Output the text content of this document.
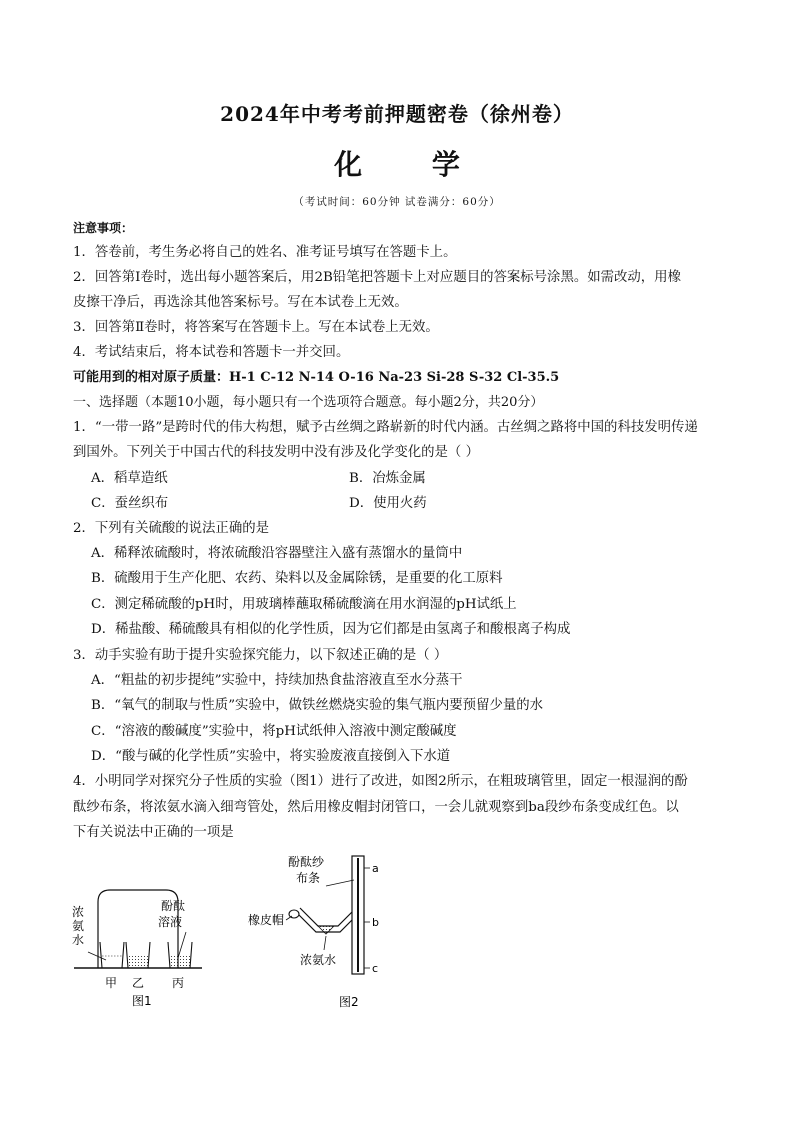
2024年中考考前押题密卷（徐州卷）
化 学
（考试时间：60分钟 试卷满分：60分）
注意事项：
1．答卷前，考生务必将自己的姓名、准考证号填写在答题卡上。
2．回答第Ⅰ卷时，选出每小题答案后，用2B铅笔把答题卡上对应题目的答案标号涂黑。如需改动，用橡
皮擦干净后，再选涂其他答案标号。写在本试卷上无效。
3．回答第Ⅱ卷时，将答案写在答题卡上。写在本试卷上无效。
4．考试结束后，将本试卷和答题卡一并交回。
可能用到的相对原子质量：H-1 C-12 N-14 O-16 Na-23 Si-28 S-32 Cl-35.5
一、选择题（本题10小题，每小题只有一个选项符合题意。每小题2分，共20分）
1．“一带一路”是跨时代的伟大构想，赋予古丝绸之路崭新的时代内涵。古丝绸之路将中国的科技发明传递
到国外。下列关于中国古代的科技发明中没有涉及化学变化的是（ ）
A．稻草造纸	B．冶炼金属
C．蚕丝织布	D．使用火药
2．下列有关硫酸的说法正确的是
A．稀释浓硫酸时，将浓硫酸沿容器壁注入盛有蒸馏水的量筒中
B．硫酸用于生产化肥、农药、染料以及金属除锈，是重要的化工原料
C．测定稀硫酸的pH时，用玻璃棒蘸取稀硫酸滴在用水润湿的pH试纸上
D．稀盐酸、稀硫酸具有相似的化学性质，因为它们都是由氢离子和酸根离子构成
3．动手实验有助于提升实验探究能力，以下叙述正确的是（ ）
A．“粗盐的初步提纯”实验中，持续加热食盐溶液直至水分蒸干
B．“氧气的制取与性质”实验中，做铁丝燃烧实验的集气瓶内要预留少量的水
C．“溶液的酸碱度”实验中，将pH试纸伸入溶液中测定酸碱度
D．“酸与碱的化学性质”实验中，将实验废液直接倒入下水道
4．小明同学对探究分子性质的实验（图1）进行了改进，如图2所示，在粗玻璃管里，固定一根湿润的酚
酞纱布条，将浓氨水滴入细弯管处，然后用橡皮帽封闭管口，一会儿就观察到ba段纱布条变成红色。以
下有关说法中正确的一项是
浓
氨
水
酚酞
溶液
甲 乙 丙
图1
酚酞纱
布条
橡皮帽
浓氨水
a
b
c
图2
